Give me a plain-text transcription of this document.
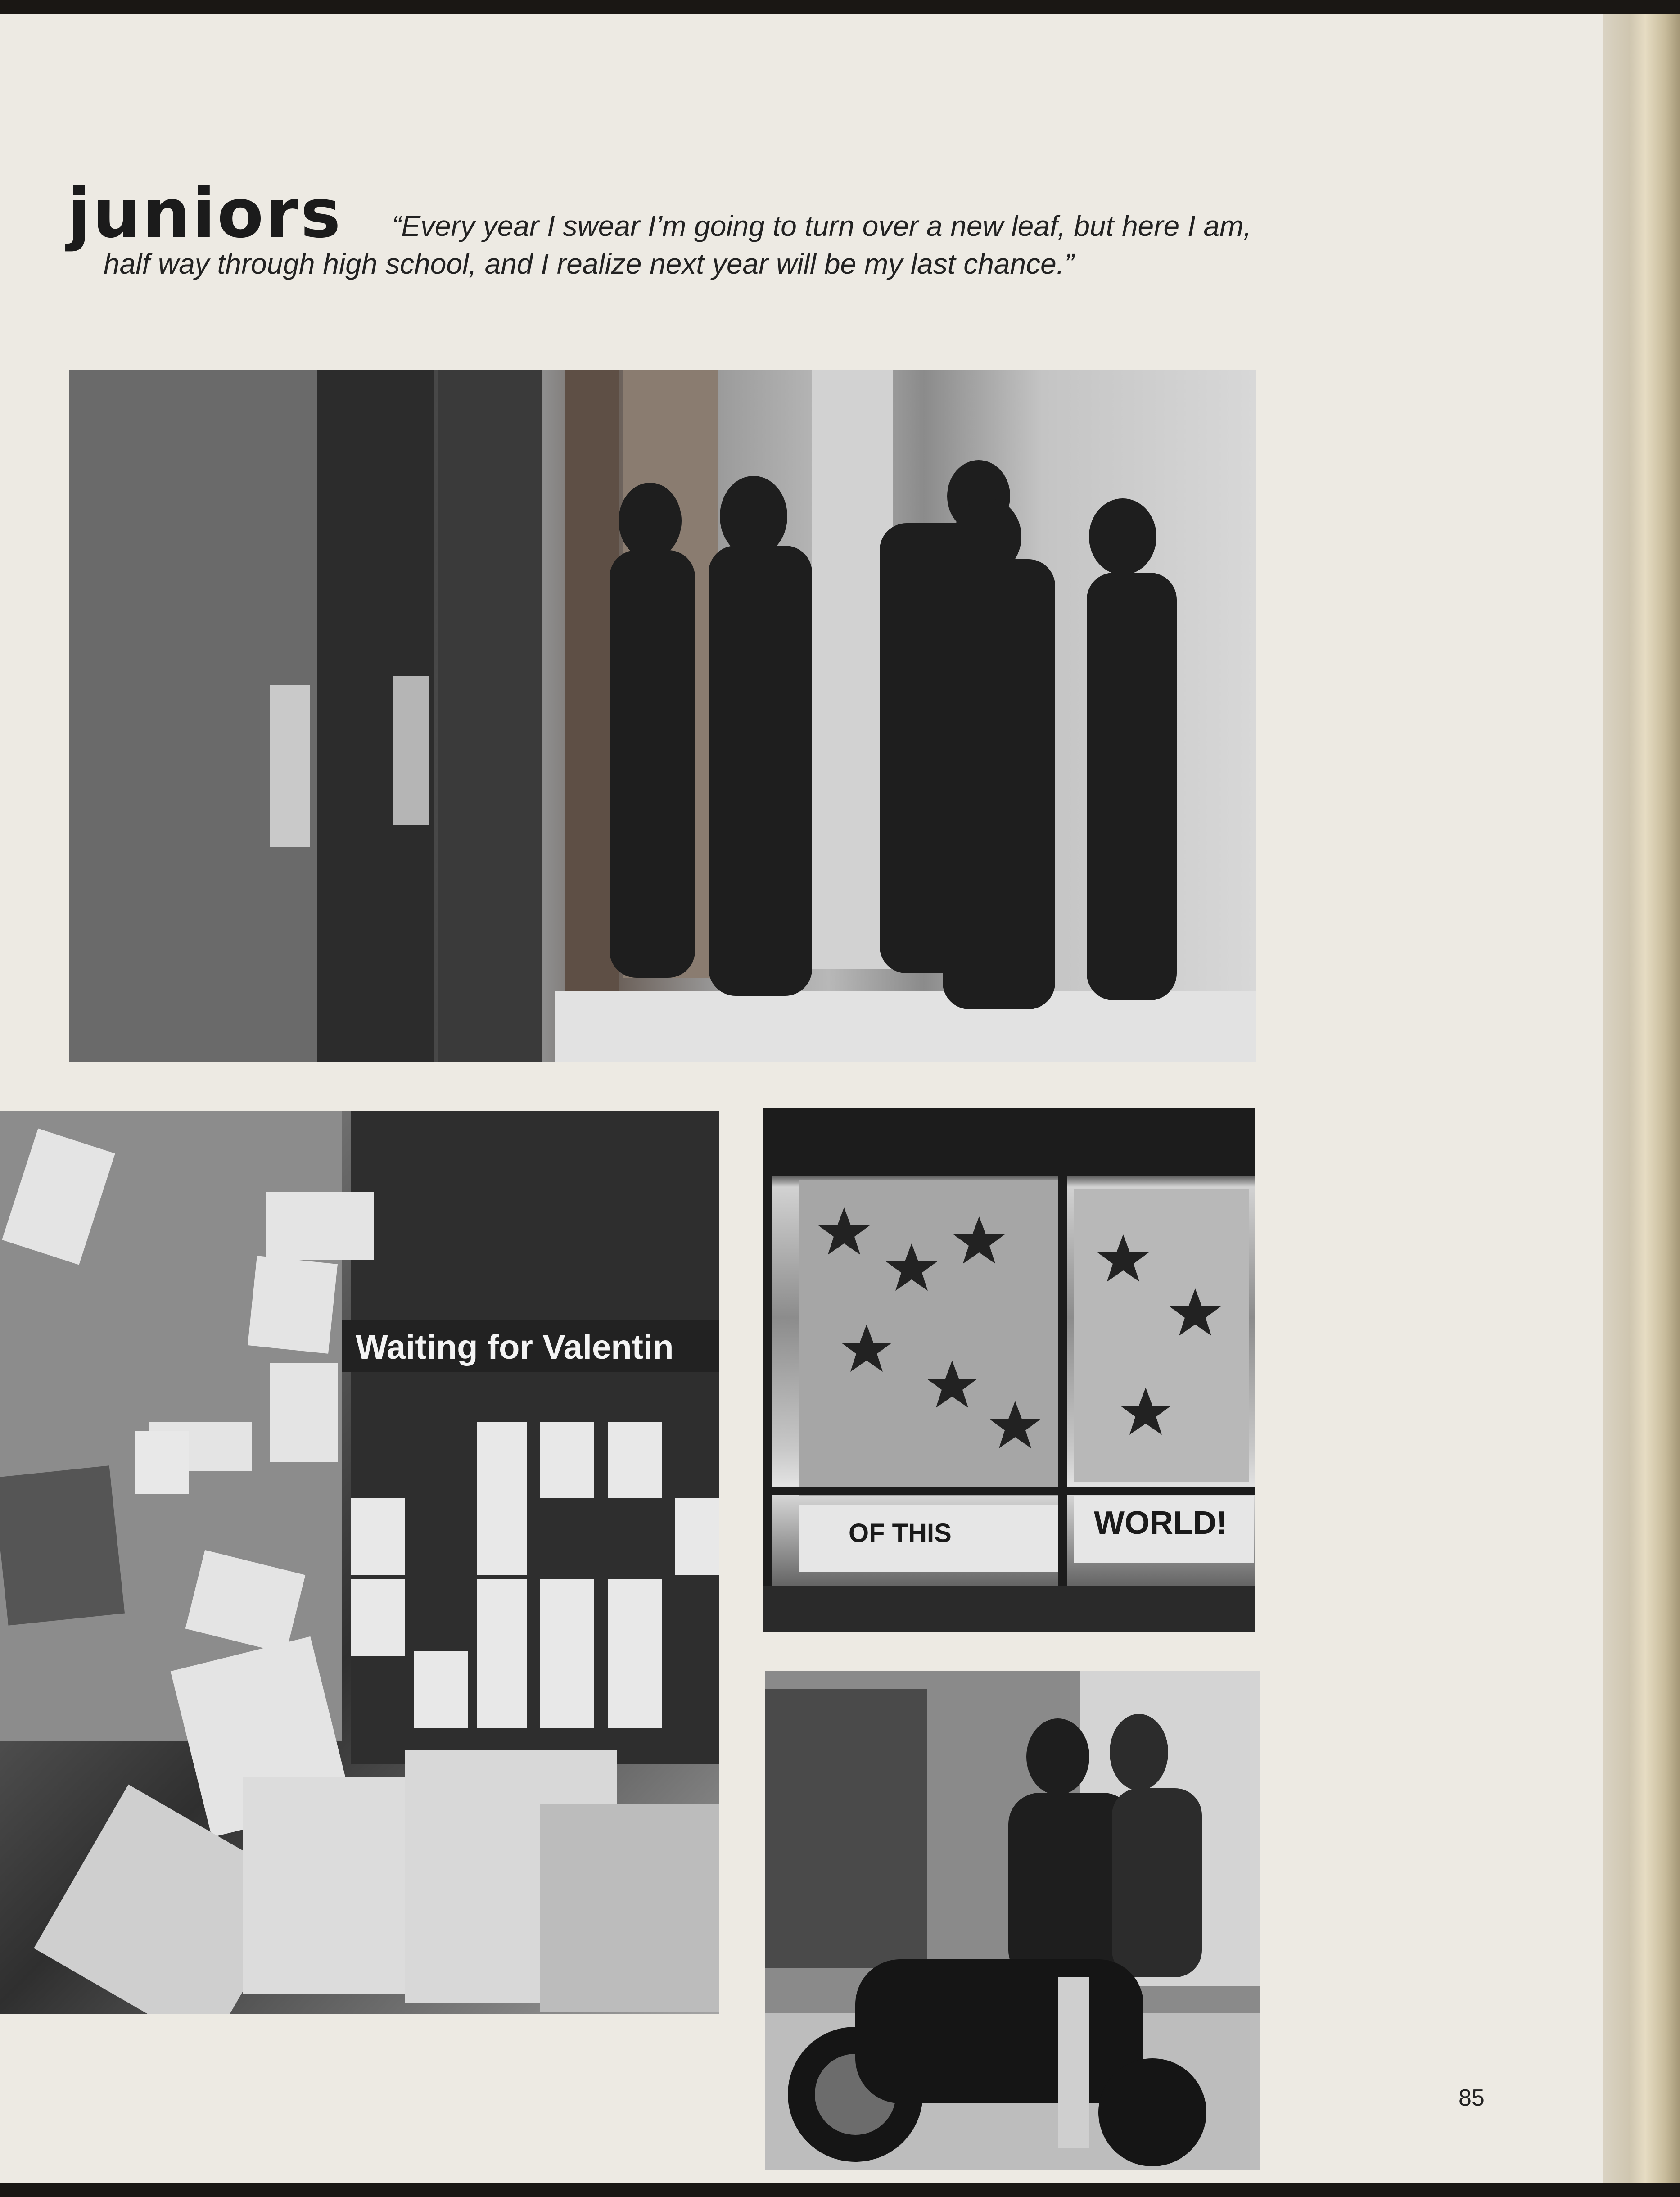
juniors	“Every year I swear I’m going to turn over a new leaf, but here I am, half way through high school, and I realize next year will be my last chance.”
Waiting for Valentin
OF THIS	WORLD!
85
